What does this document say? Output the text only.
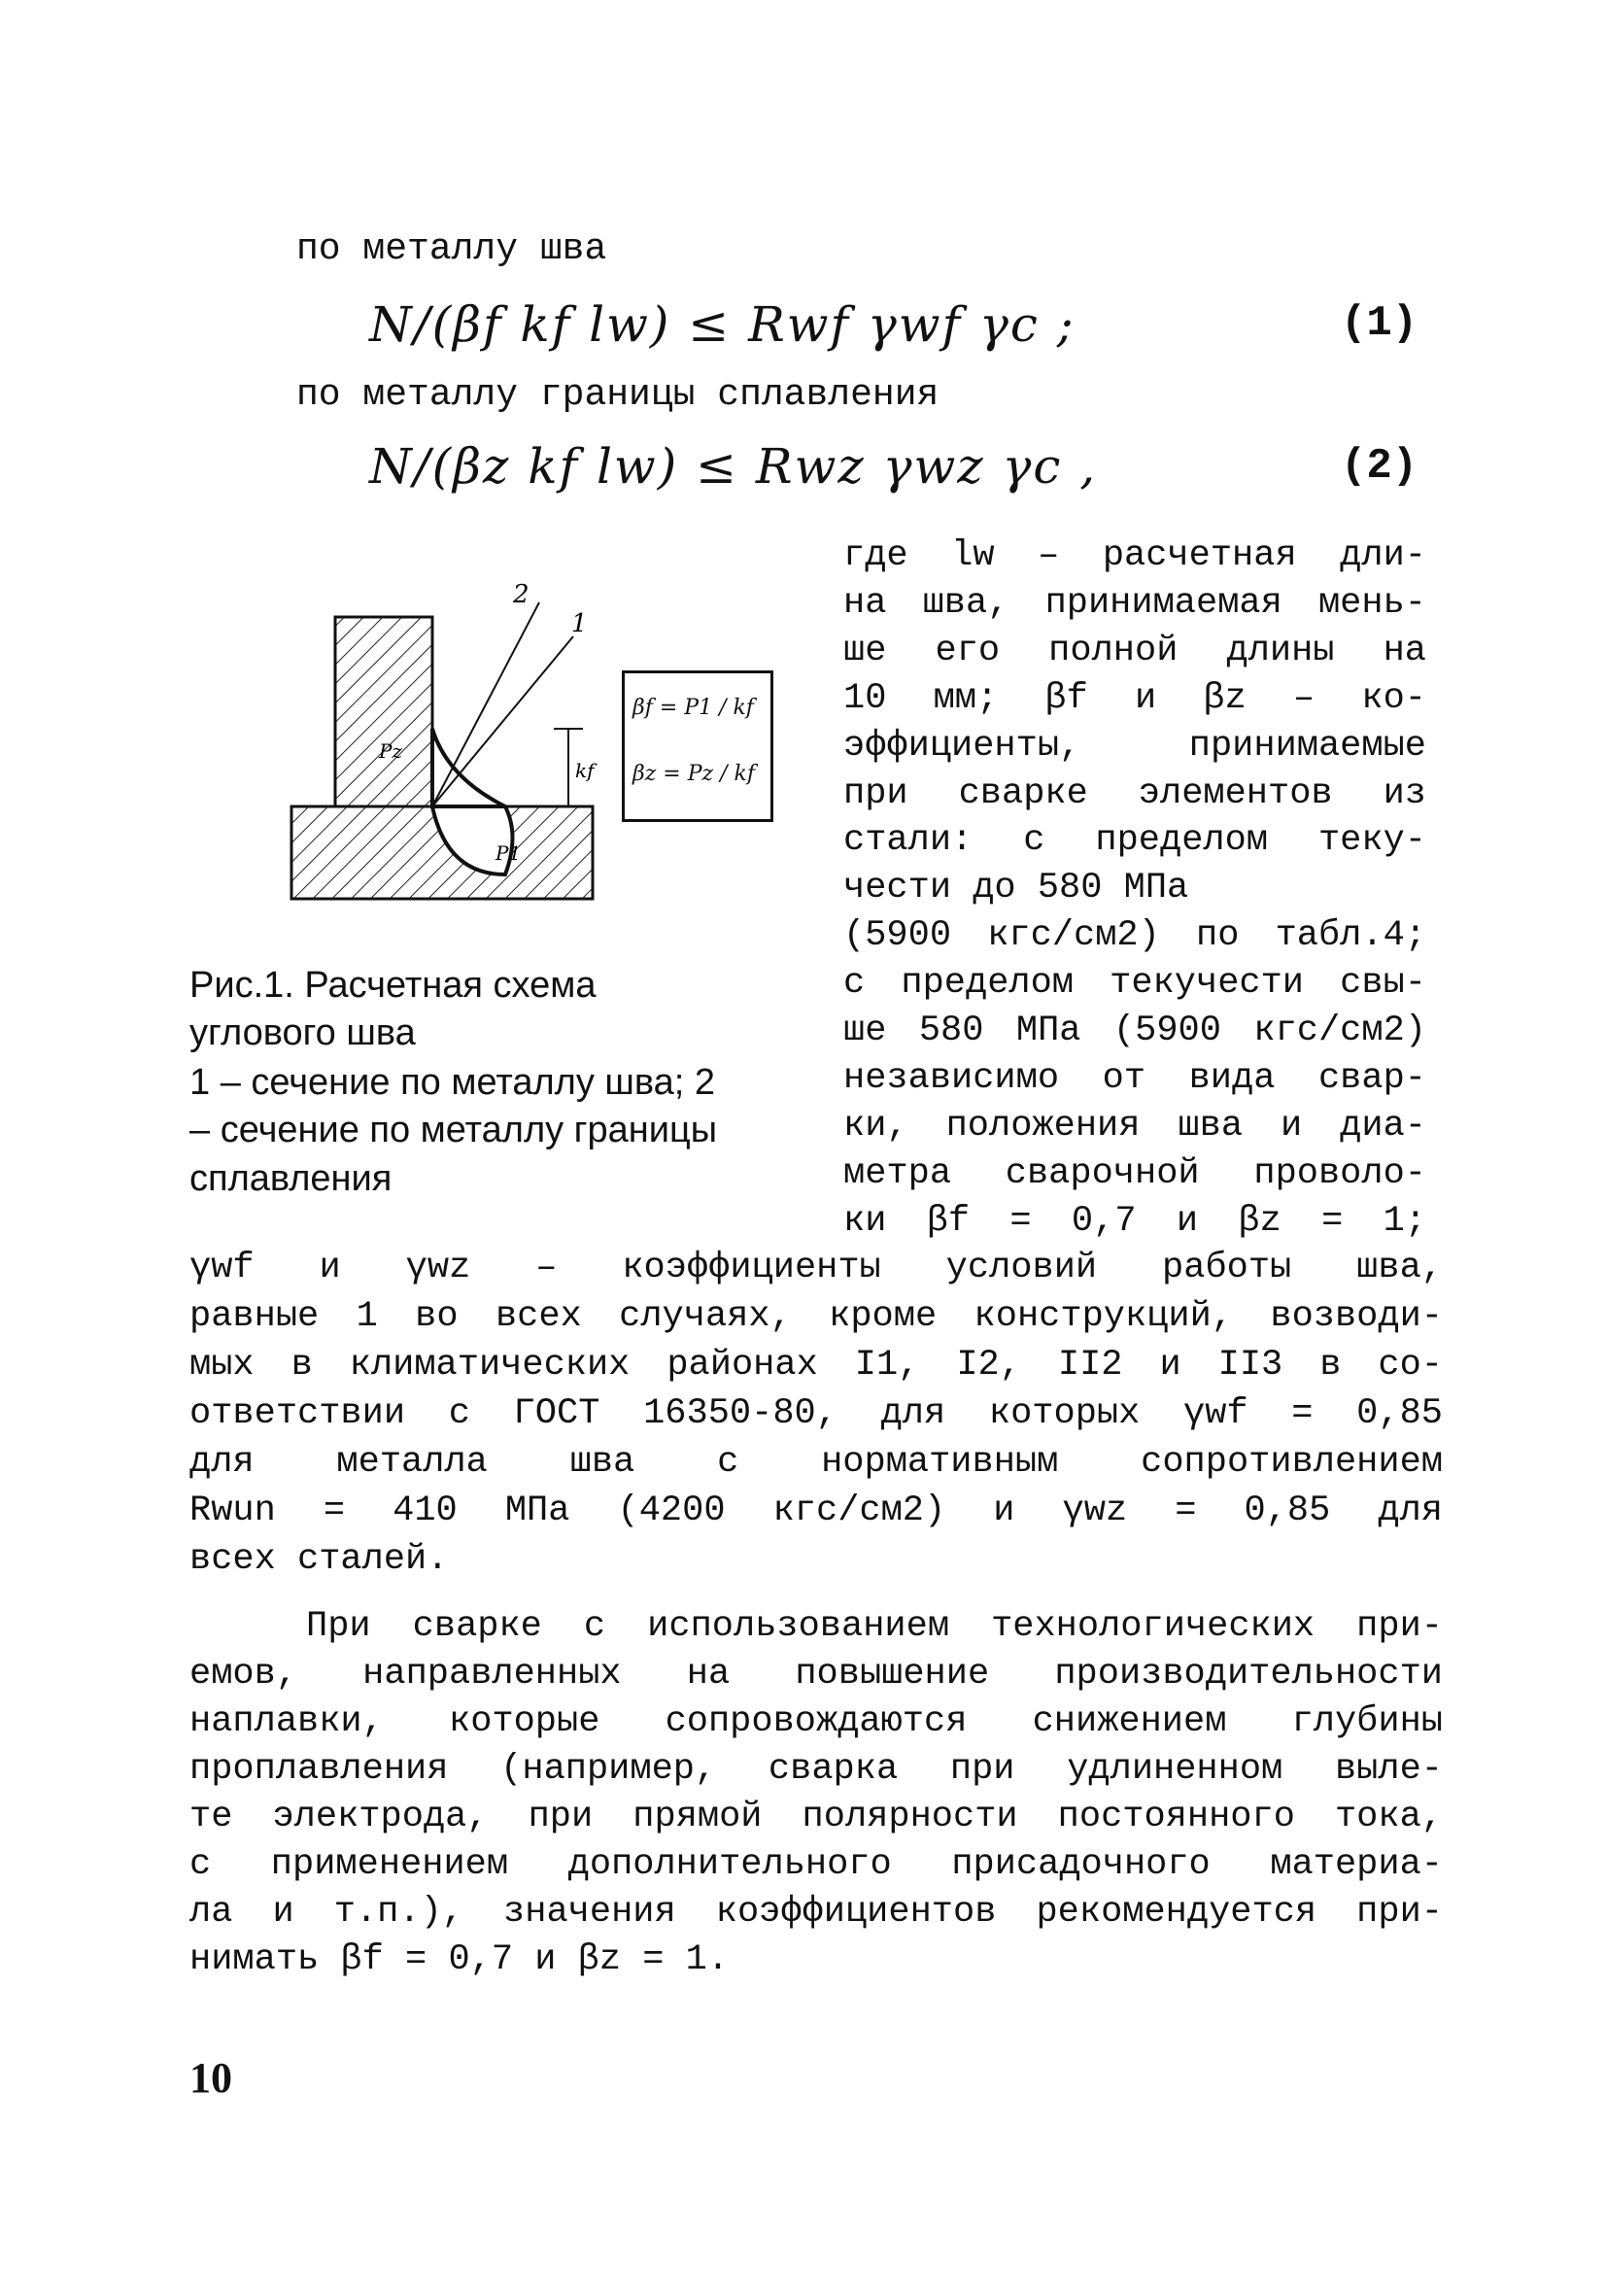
по металлу шва
N/(βf kf lw) ≤ Rwf γwf γc ;	(1)
по металлу границы сплавления
N/(βz kf lw) ≤ Rwz γwz γc ,	(2)
1
2
P1
Pz
kf
βf = P1 / kf
βz = Pz / kf
Рис.1. Расчетная схема углового шва
1 – сечение по металлу шва; 2 – сечение по металлу границы сплавления
где lw – расчетная дли-
на шва, принимаемая мень-
ше его полной длины на
10 мм; βf и βz – ко-
эффициенты, принимаемые
при сварке элементов из
стали: с пределом теку-
чести до 580 МПа
(5900 кгс/см2) по табл.4;
с пределом текучести свы-
ше 580 МПа (5900 кгс/см2)
независимо от вида свар-
ки, положения шва и диа-
метра сварочной проволо-
ки βf = 0,7 и βz = 1;
γwf и γwz – коэффициенты условий работы шва,
равные 1 во всех случаях, кроме конструкций, возводи-
мых в климатических районах I1, I2, II2 и II3 в со-
ответствии с ГОСТ 16350-80, для которых γwf = 0,85
для металла шва с нормативным сопротивлением
Rwun = 410 МПа (4200 кгс/см2) и γwz = 0,85 для
всех сталей.
При сварке с использованием технологических при-
емов, направленных на повышение производительности
наплавки, которые сопровождаются снижением глубины
проплавления (например, сварка при удлиненном выле-
те электрода, при прямой полярности постоянного тока,
с применением дополнительного присадочного материа-
ла и т.п.), значения коэффициентов рекомендуется при-
нимать βf = 0,7 и βz = 1.
10
